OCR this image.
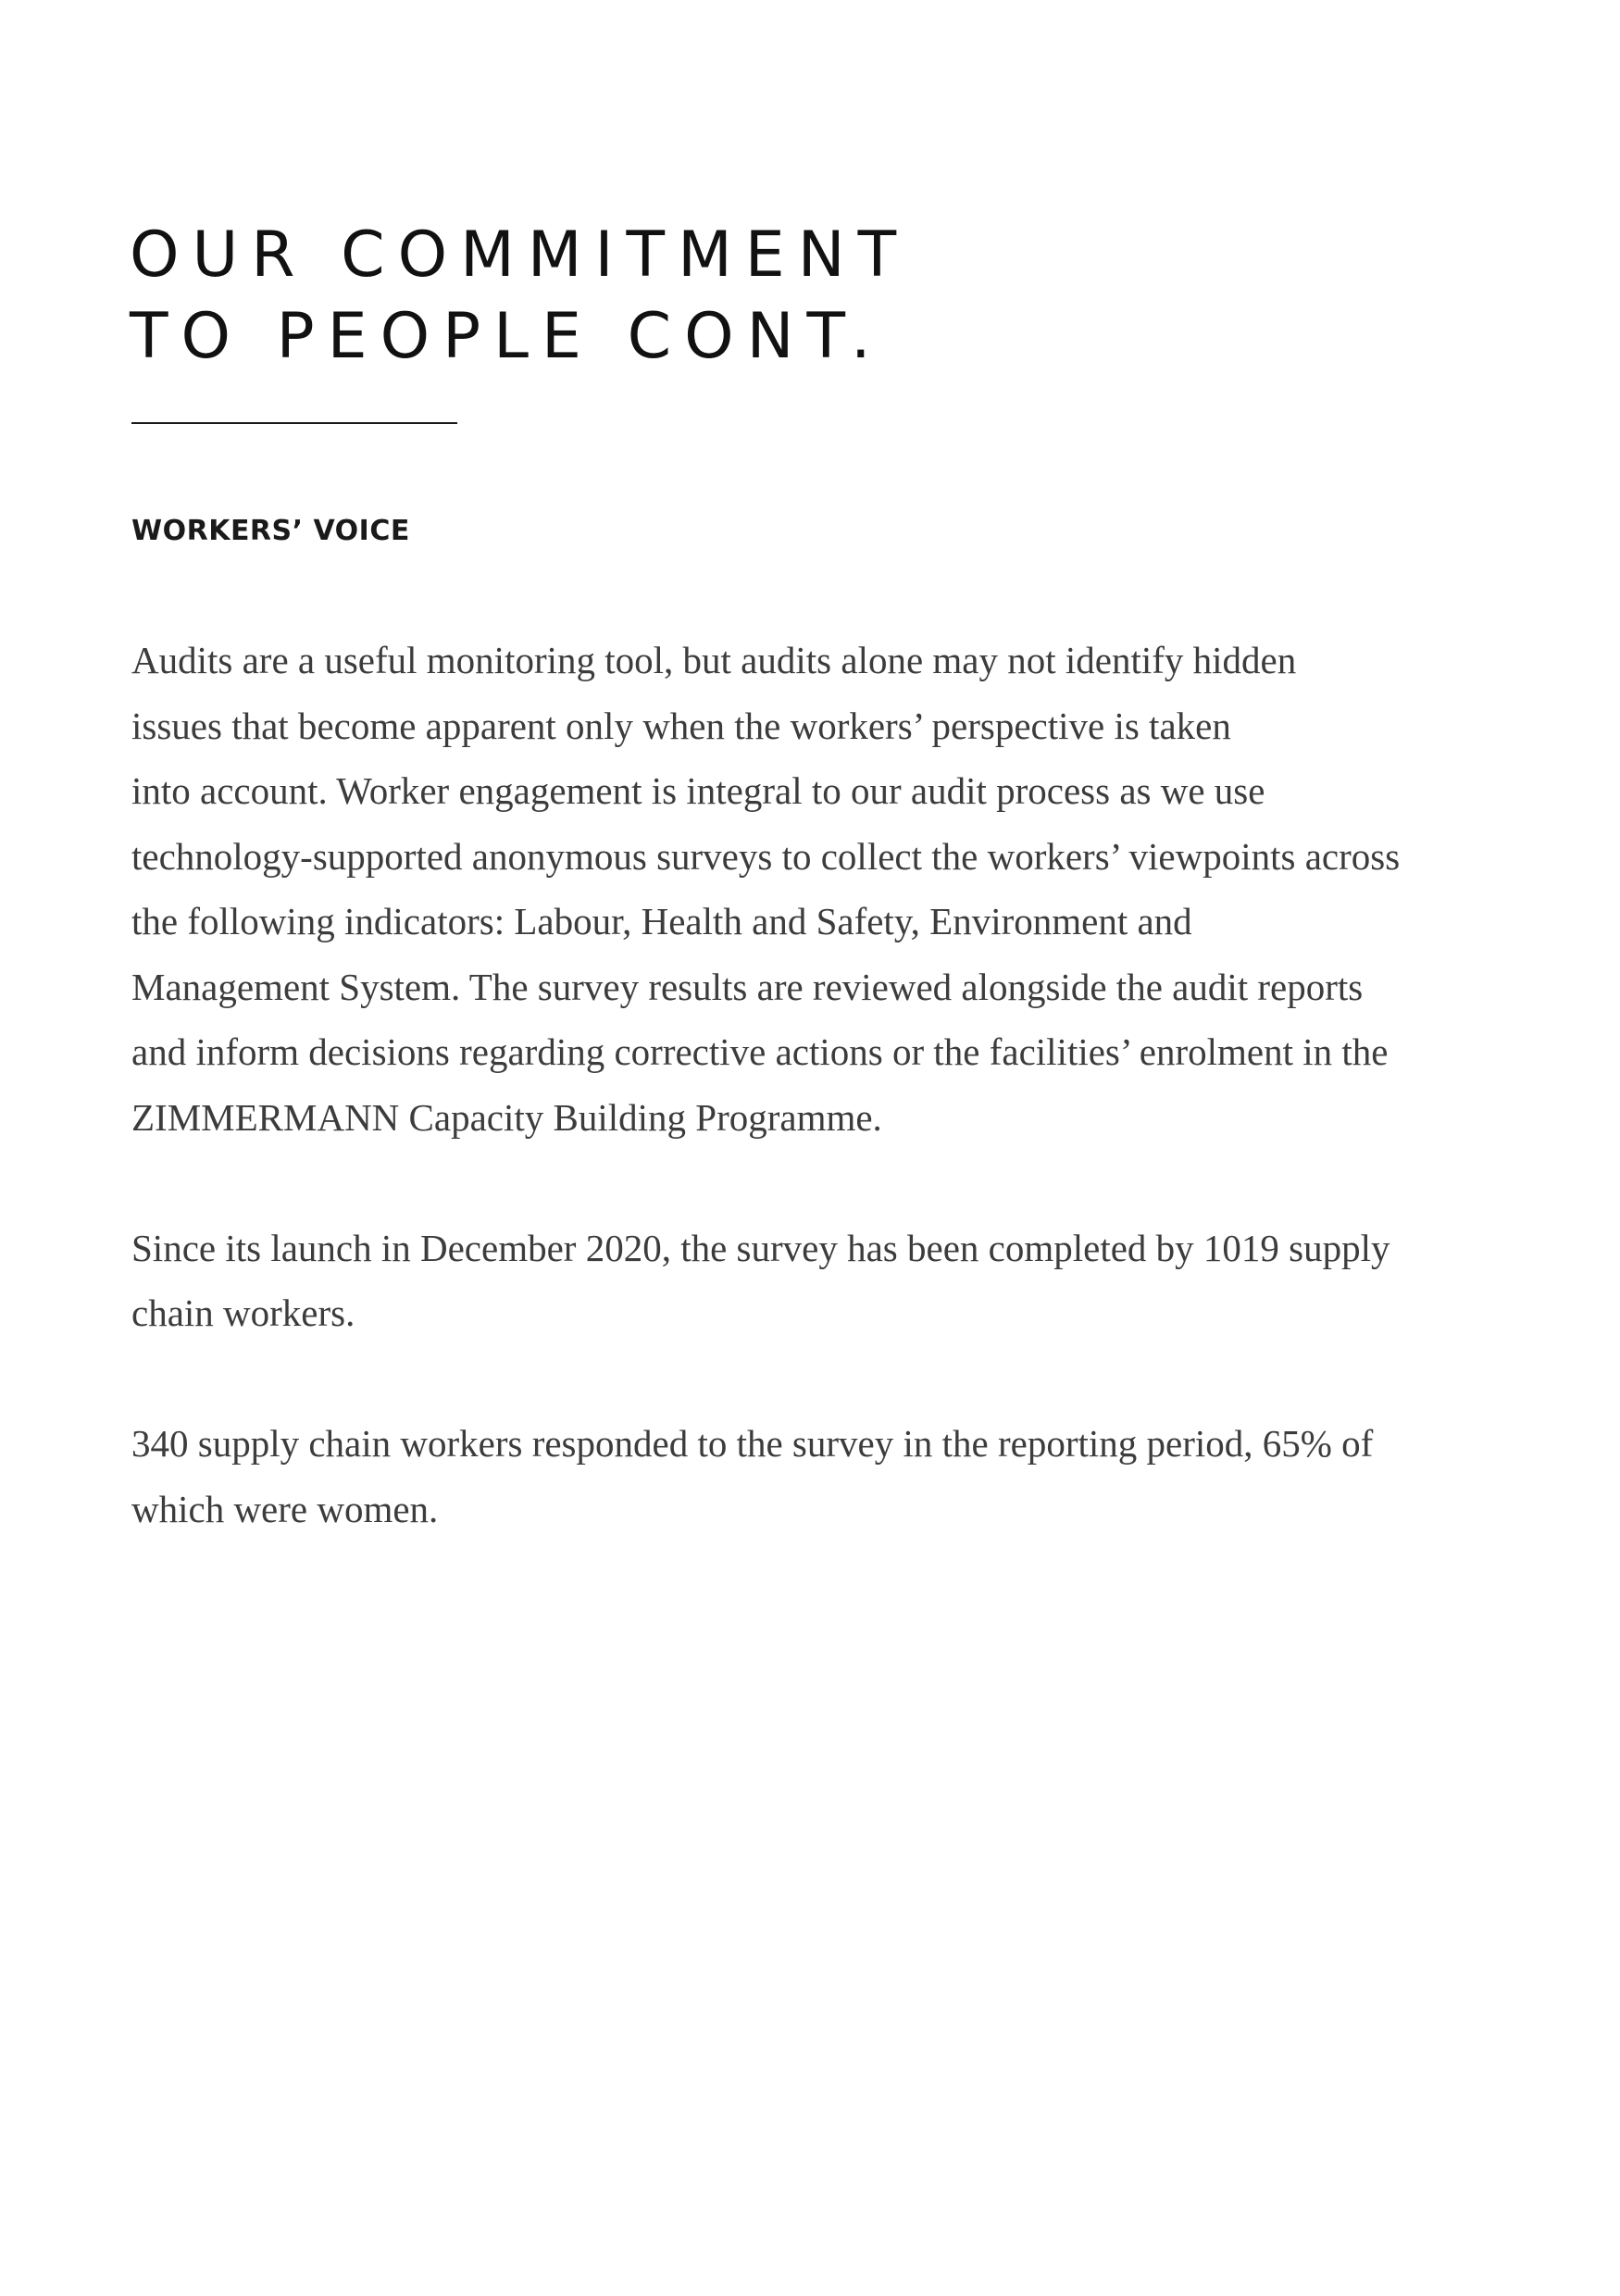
OUR COMMITMENT
TO PEOPLE CONT.
WORKERS’ VOICE

Audits are a useful monitoring tool, but audits alone may not identify hidden
issues that become apparent only when the workers’ perspective is taken
into account. Worker engagement is integral to our audit process as we use
technology-supported anonymous surveys to collect the workers’ viewpoints across
the following indicators: Labour, Health and Safety, Environment and
Management System. The survey results are reviewed alongside the audit reports
and inform decisions regarding corrective actions or the facilities’ enrolment in the
ZIMMERMANN Capacity Building Programme.

Since its launch in December 2020, the survey has been completed by 1019 supply
chain workers.

340 supply chain workers responded to the survey in the reporting period, 65% of
which were women.
